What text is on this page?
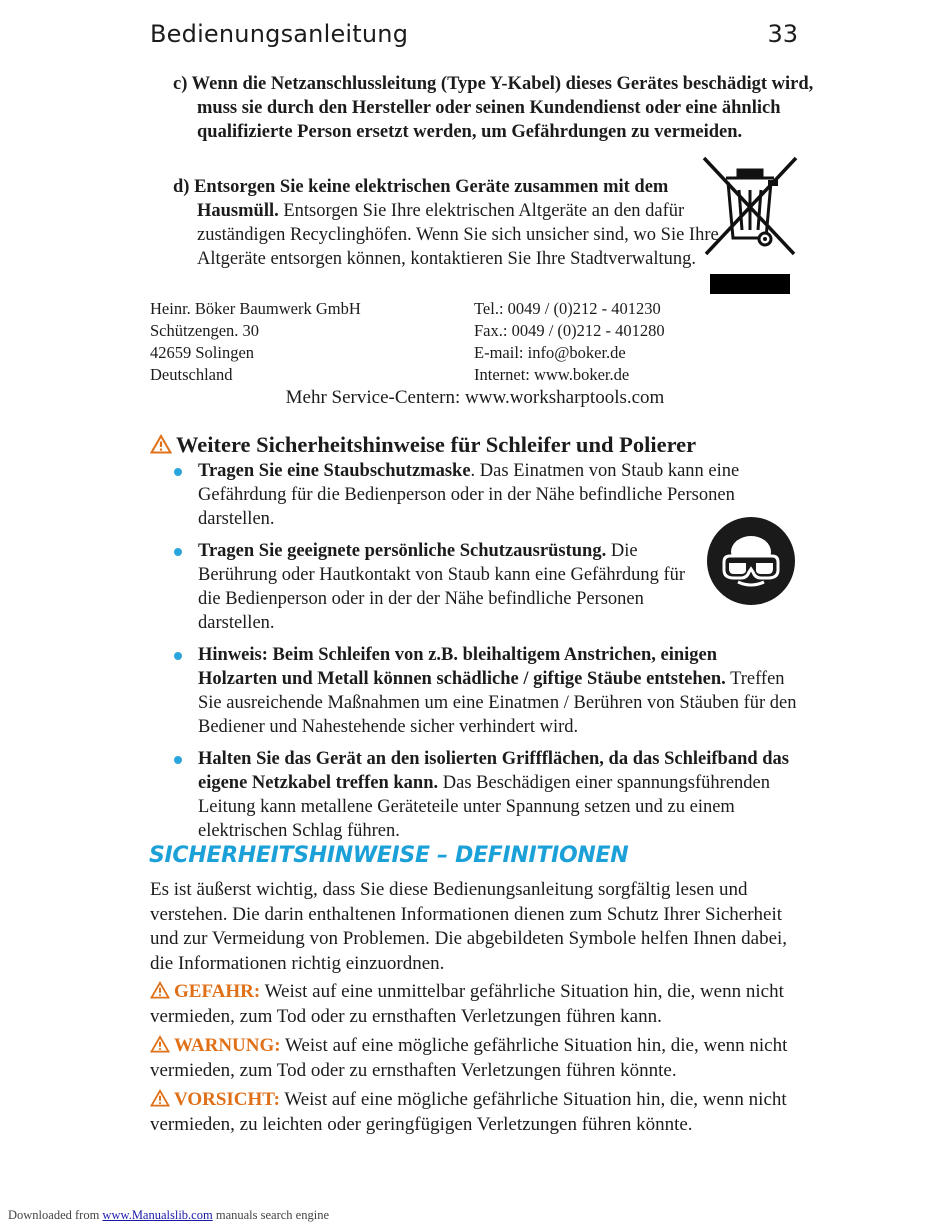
Bedienungsanleitung	33
c) Wenn die Netzanschlussleitung (Type Y-Kabel) dieses Gerätes beschädigt wird, muss sie durch den Hersteller oder seinen Kundendienst oder eine ähnlich qualifizierte Person ersetzt werden, um Gefährdungen zu vermeiden.
d) Entsorgen Sie keine elektrischen Geräte zusammen mit dem Hausmüll. Entsorgen Sie Ihre elektrischen Altgeräte an den dafür zuständigen Recyclinghöfen. Wenn Sie sich unsicher sind, wo Sie Ihre Altgeräte entsorgen können, kontaktieren Sie Ihre Stadtverwaltung.
Heinr. Böker Baumwerk GmbH
Schützengen. 30
42659 Solingen
Deutschland
Tel.: 0049 / (0)212 - 401230
Fax.: 0049 / (0)212 - 401280
E-mail: info@boker.de
Internet: www.boker.de
Mehr Service-Centern: www.worksharptools.com
Weitere Sicherheitshinweise für Schleifer und Polierer
Tragen Sie eine Staubschutzmaske. Das Einatmen von Staub kann eine Gefährdung für die Bedienperson oder in der Nähe befindliche Personen darstellen.
Tragen Sie geeignete persönliche Schutzausrüstung. Die Berührung oder Hautkontakt von Staub kann eine Gefährdung für die Bedienperson oder in der der Nähe befindliche Personen darstellen.
Hinweis: Beim Schleifen von z.B. bleihaltigem Anstrichen, einigen Holzarten und Metall können schädliche / giftige Stäube entstehen. Treffen Sie ausreichende Maßnahmen um eine Einatmen / Berühren von Stäuben für den Bediener und Nahestehende sicher verhindert wird.
Halten Sie das Gerät an den isolierten Griffflächen, da das Schleifband das eigene Netzkabel treffen kann. Das Beschädigen einer spannungsführenden Leitung kann metallene Geräteteile unter Spannung setzen und zu einem elektrischen Schlag führen.
SICHERHEITSHINWEISE – DEFINITIONEN
Es ist äußerst wichtig, dass Sie diese Bedienungsanleitung sorgfältig lesen und verstehen. Die darin enthaltenen Informationen dienen zum Schutz Ihrer Sicherheit und zur Vermeidung von Problemen. Die abgebildeten Symbole helfen Ihnen dabei, die Informationen richtig einzuordnen.
GEFAHR: Weist auf eine unmittelbar gefährliche Situation hin, die, wenn nicht vermieden, zum Tod oder zu ernsthaften Verletzungen führen kann.
WARNUNG: Weist auf eine mögliche gefährliche Situation hin, die, wenn nicht vermieden, zum Tod oder zu ernsthaften Verletzungen führen könnte.
VORSICHT: Weist auf eine mögliche gefährliche Situation hin, die, wenn nicht vermieden, zu leichten oder geringfügigen Verletzungen führen könnte.
Downloaded from www.Manualslib.com manuals search engine
